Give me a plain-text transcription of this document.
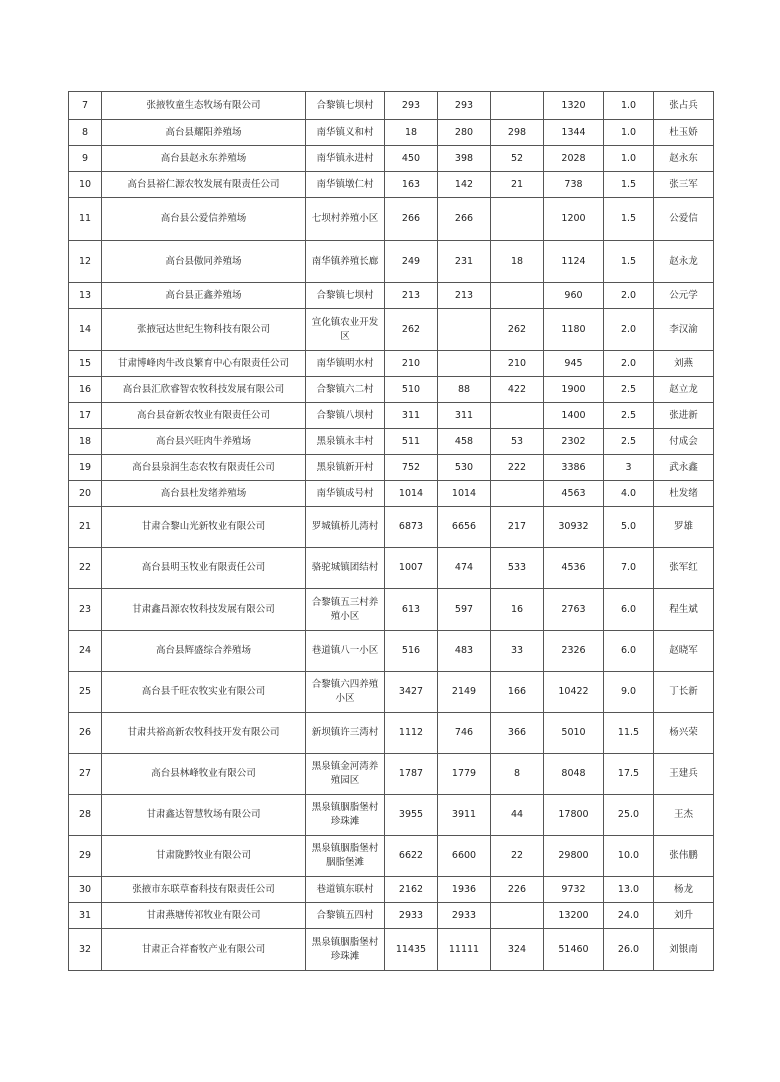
7	张掖牧童生态牧场有限公司	合黎镇七坝村	293	293		1320	1.0	张占兵
8	高台县耀阳养殖场	南华镇义和村	18	280	298	1344	1.0	杜玉娇
9	高台县赵永东养殖场	南华镇永进村	450	398	52	2028	1.0	赵永东
10	高台县裕仁源农牧发展有限责任公司	南华镇墩仁村	163	142	21	738	1.5	张三军
11	高台县公爱信养殖场	七坝村养殖小区	266	266		1200	1.5	公爱信
12	高台县傲同养殖场	南华镇养殖长廊	249	231	18	1124	1.5	赵永龙
13	高台县正鑫养殖场	合黎镇七坝村	213	213		960	2.0	公元学
14	张掖冠达世纪生物科技有限公司	宣化镇农业开发区	262		262	1180	2.0	李汉渝
15	甘肃博峰肉牛改良繁育中心有限责任公司	南华镇明水村	210		210	945	2.0	刘燕
16	高台县汇欣睿智农牧科技发展有限公司	合黎镇六二村	510	88	422	1900	2.5	赵立龙
17	高台县奋新农牧业有限责任公司	合黎镇八坝村	311	311		1400	2.5	张进新
18	高台县兴旺肉牛养殖场	黑泉镇永丰村	511	458	53	2302	2.5	付成会
19	高台县泉润生态农牧有限责任公司	黑泉镇新开村	752	530	222	3386	3	武永鑫
20	高台县杜发绪养殖场	南华镇成号村	1014	1014		4563	4.0	杜发绪
21	甘肃合黎山光新牧业有限公司	罗城镇桥儿湾村	6873	6656	217	30932	5.0	罗雄
22	高台县明玉牧业有限责任公司	骆驼城镇团结村	1007	474	533	4536	7.0	张军红
23	甘肃鑫昌源农牧科技发展有限公司	合黎镇五三村养殖小区	613	597	16	2763	6.0	程生斌
24	高台县辉盛综合养殖场	巷道镇八一小区	516	483	33	2326	6.0	赵晓军
25	高台县千旺农牧实业有限公司	合黎镇六四养殖小区	3427	2149	166	10422	9.0	丁长新
26	甘肃共裕高新农牧科技开发有限公司	新坝镇许三湾村	1112	746	366	5010	11.5	杨兴荣
27	高台县林峰牧业有限公司	黑泉镇金河湾养殖园区	1787	1779	8	8048	17.5	王建兵
28	甘肃鑫达智慧牧场有限公司	黑泉镇胭脂堡村珍珠滩	3955	3911	44	17800	25.0	王杰
29	甘肃陇黔牧业有限公司	黑泉镇胭脂堡村胭脂堡滩	6622	6600	22	29800	10.0	张伟鹏
30	张掖市东联草畜科技有限责任公司	巷道镇东联村	2162	1936	226	9732	13.0	杨龙
31	甘肃燕塘传祁牧业有限公司	合黎镇五四村	2933	2933		13200	24.0	刘升
32	甘肃正合祥畜牧产业有限公司	黑泉镇胭脂堡村珍珠滩	11435	11111	324	51460	26.0	刘银南
